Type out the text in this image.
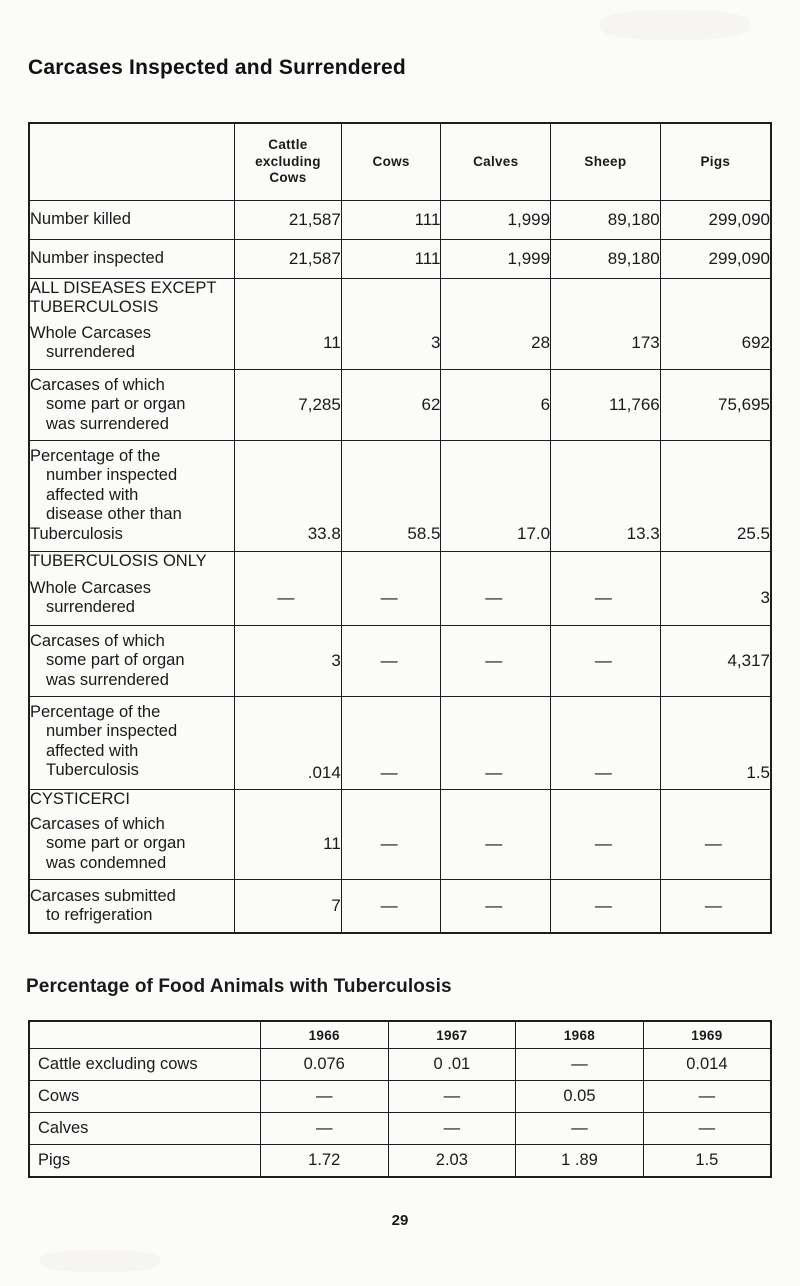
Carcases Inspected and Surrendered

	Cattle
excluding
Cows	Cows	Calves	Sheep	Pigs
Number killed	21,587	111	1,999	89,180	299,090
Number inspected	21,587	111	1,999	89,180	299,090
ALL DISEASES EXCEPT					
TUBERCULOSIS					
Whole Carcases
surrendered	11	3	28	173	692
Carcases of which
some part or organ
was surrendered	7,285	62	6	11,766	75,695
Percentage of the
number inspected
affected with
disease other than
Tuberculosis	33.8	58.5	17.0	13.3	25.5
TUBERCULOSIS ONLY					
Whole Carcases
surrendered	—	—	—	—	3
Carcases of which
some part of organ
was surrendered	3	—	—	—	4,317
Percentage of the
number inspected
affected with
Tuberculosis	.014	—	—	—	1.5
CYSTICERCI					
Carcases of which
some part or organ
was condemned	11	—	—	—	—
Carcases submitted
to refrigeration	7	—	—	—	—
Percentage of Food Animals with Tuberculosis
	1966	1967	1968	1969
Cattle excluding cows	0.076	0 .01	—	0.014
Cows	—	—	0.05	—
Calves	—	—	—	—
Pigs	1.72	2.03	1 .89	1.5
29
